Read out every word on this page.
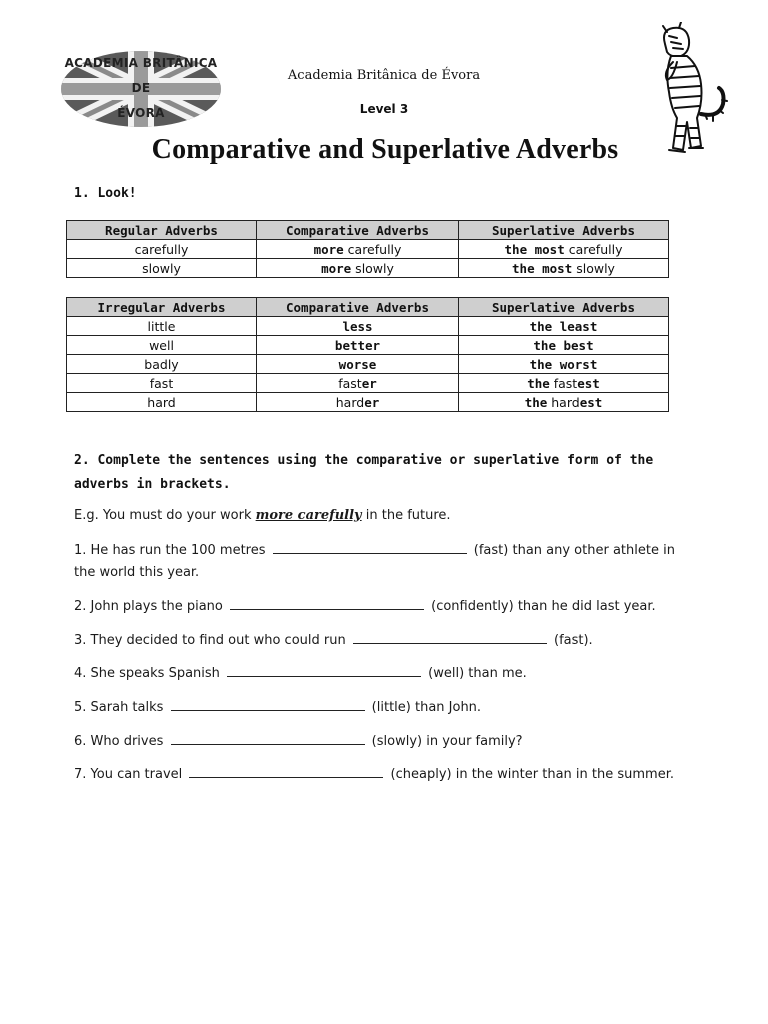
ACADEMIA BRITÂNICA
DE
ÉVORA
Academia Britânica de Évora
Level 3
Comparative and Superlative Adverbs
1. Look!
Regular Adverbs	Comparative Adverbs	Superlative Adverbs
carefully	more carefully	the most carefully
slowly	more slowly	the most slowly
Irregular Adverbs	Comparative Adverbs	Superlative Adverbs
little	less	the least
well	better	the best
badly	worse	the worst
fast	faster	the fastest
hard	harder	the hardest
2. Complete the sentences using the comparative or superlative form of the adverbs in brackets.
E.g. You must do your work more carefully in the future.
1. He has run the 100 metres	(fast) than any other athlete in the world this year.
2. John plays the piano	(confidently) than he did last year.
3. They decided to find out who could run	(fast).
4. She speaks Spanish	(well) than me.
5. Sarah talks	(little) than John.
6. Who drives	(slowly) in your family?
7. You can travel	(cheaply) in the winter than in the summer.
